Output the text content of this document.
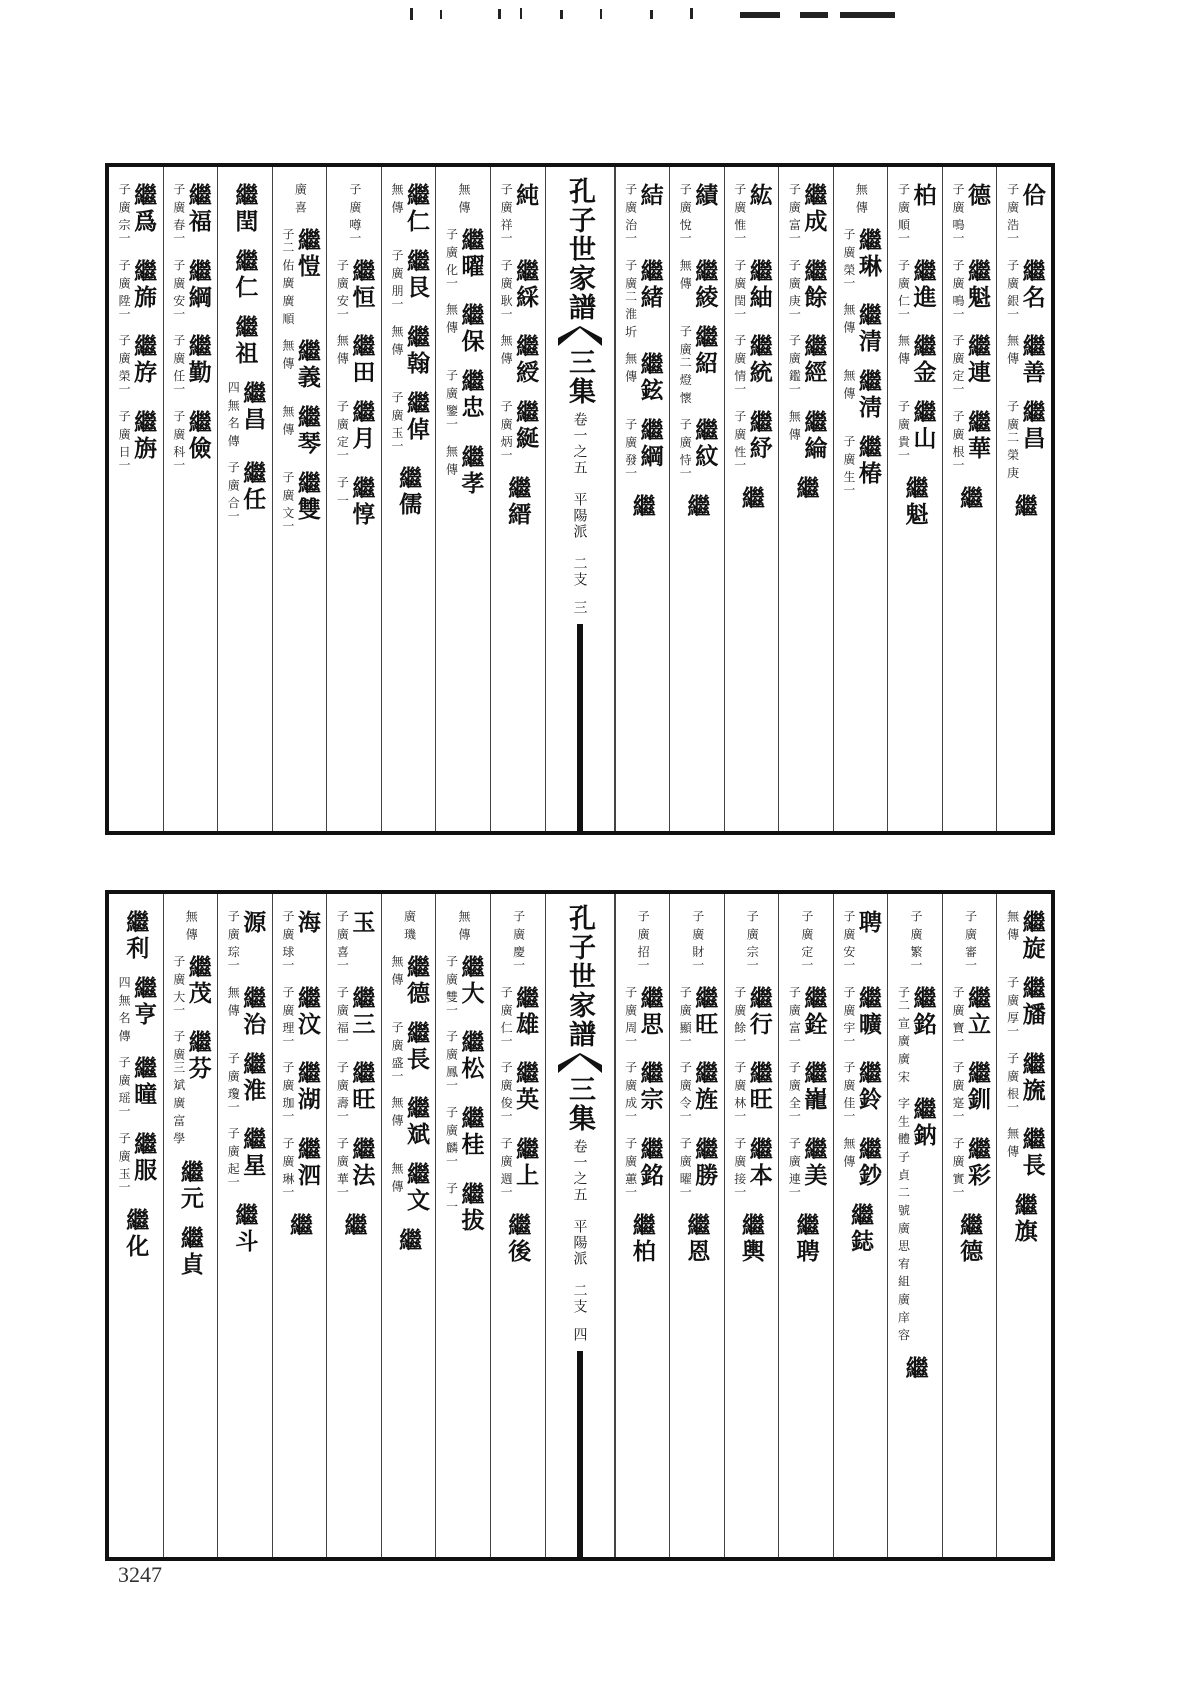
佮
子 廣 浩一
繼名
子 廣 銀一
繼善
無 傳
繼昌
子 廣二 榮 庚
繼
德
子 廣 鳴一
繼魁
子 廣 鳴一
繼連
子 廣 定一
繼華
子 廣 根一
繼
柏
子 廣 順一
繼進
子 廣 仁一
繼金
無 傳
繼山
子 廣 貴一
繼魁
無 傳
繼琳
子 廣 榮一
繼清
無 傳
繼淸
無 傳
繼椿
子 廣 生一
繼成
子 廣 富一
繼餘
子 廣 庚一
繼經
子 廣 鑑一
繼綸
無 傳
繼
紘
子 廣 惟一
繼紬
子 廣 閏一
繼統
子 廣 情一
繼紓
子 廣 性一
繼
績
子 廣 悅一
繼綾
無 傳
繼紹
子 廣二 燈 懷
繼紋
子 廣 恃一
繼
結
子 廣 治一
繼緒
子 廣二 淮 圻
繼鉉
無 傳
繼綱
子 廣 發一
繼
孔子世家譜
三集
卷一之五　平陽派　二支
三
純
子 廣 祥一
繼綵
子 廣 耿一
繼綬
無 傳
繼綖
子 廣 炳一
繼縉
無 傳
繼曜
子 廣 化一
繼保
無 傳
繼忠
子 廣 鑒一
繼孝
無 傳
繼仁
無 傳
繼艮
子 廣 朋一
繼翰
無 傳
繼倬
子 廣 玉一
繼儒
子 廣 噂一
繼恒
子 廣 安一
繼田
無 傳
繼月
子 廣 定一
繼惇
子 一
廣 喜
繼愷
子二 佑 廣 廣 順
繼義
無 傳
繼琴
無 傳
繼雙
子 廣 文一
繼閏
繼仁
繼祖
繼昌
四 無 名 傳
繼任
子 廣 合一
繼福
子 廣 春一
繼綱
子 廣 安一
繼勤
子 廣 任一
繼儉
子 廣 科一
繼爲
子 廣 宗一
繼旆
子 廣 陞一
繼斿
子 廣 榮一
繼旃
子 廣 日一
繼旋
無 傳
繼旙
子 廣 厚一
繼旒
子 廣 根一
繼長
無 傳
繼旗
子 廣 審一
繼立
子 廣 寶一
繼釧
子 廣 寔一
繼彩
子 廣 實一
繼德
子 廣 繁一
繼銘
子二 宣 廣 廣 宋
繼鈉
字 生 體 子 貞 二 號 廣 思 宥 組 廣 庠 容
繼
聘
子 廣 安一
繼曠
子 廣 宇一
繼鈴
子 廣 佳一
繼鈔
無 傳
繼鋕
子 廣 定一
繼銓
子 廣 富一
繼巃
子 廣 全一
繼美
子 廣 連一
繼聘
子 廣 宗一
繼行
子 廣 餘一
繼旺
子 廣 林一
繼本
子 廣 接一
繼輿
子 廣 財一
繼旺
子 廣 顯一
繼旌
子 廣 令一
繼勝
子 廣 曜一
繼恩
子 廣 招一
繼思
子 廣 周一
繼宗
子 廣 成一
繼銘
子 廣 蕙一
繼柏
孔子世家譜
三集
卷一之五　平陽派　二支
四
子 廣 慶一
繼雄
子 廣 仁一
繼英
子 廣 俊一
繼上
子 廣 週一
繼後
無 傳
繼大
子 廣 雙一
繼松
子 廣 鳳一
繼桂
子 廣 麟一
繼拔
子 一
廣 璣
繼德
無 傳
繼長
子 廣 盛一
繼斌
無 傳
繼文
無 傳
繼
玉
子 廣 喜一
繼三
子 廣 福一
繼旺
子 廣 壽一
繼法
子 廣 華一
繼
海
子 廣 球一
繼汶
子 廣 理一
繼湖
子 廣 珈一
繼泗
子 廣 琳一
繼
源
子 廣 琮一
繼治
無 傳
繼淮
子 廣 瓊一
繼星
子 廣 起一
繼斗
無 傳
繼茂
子 廣 大一
繼芬
子 廣三 斌 廣 富 學
繼元
繼貞
繼利
繼亨
四 無 名 傳
繼曈
子 廣 瑶一
繼服
子 廣 玉一
繼化
3247
